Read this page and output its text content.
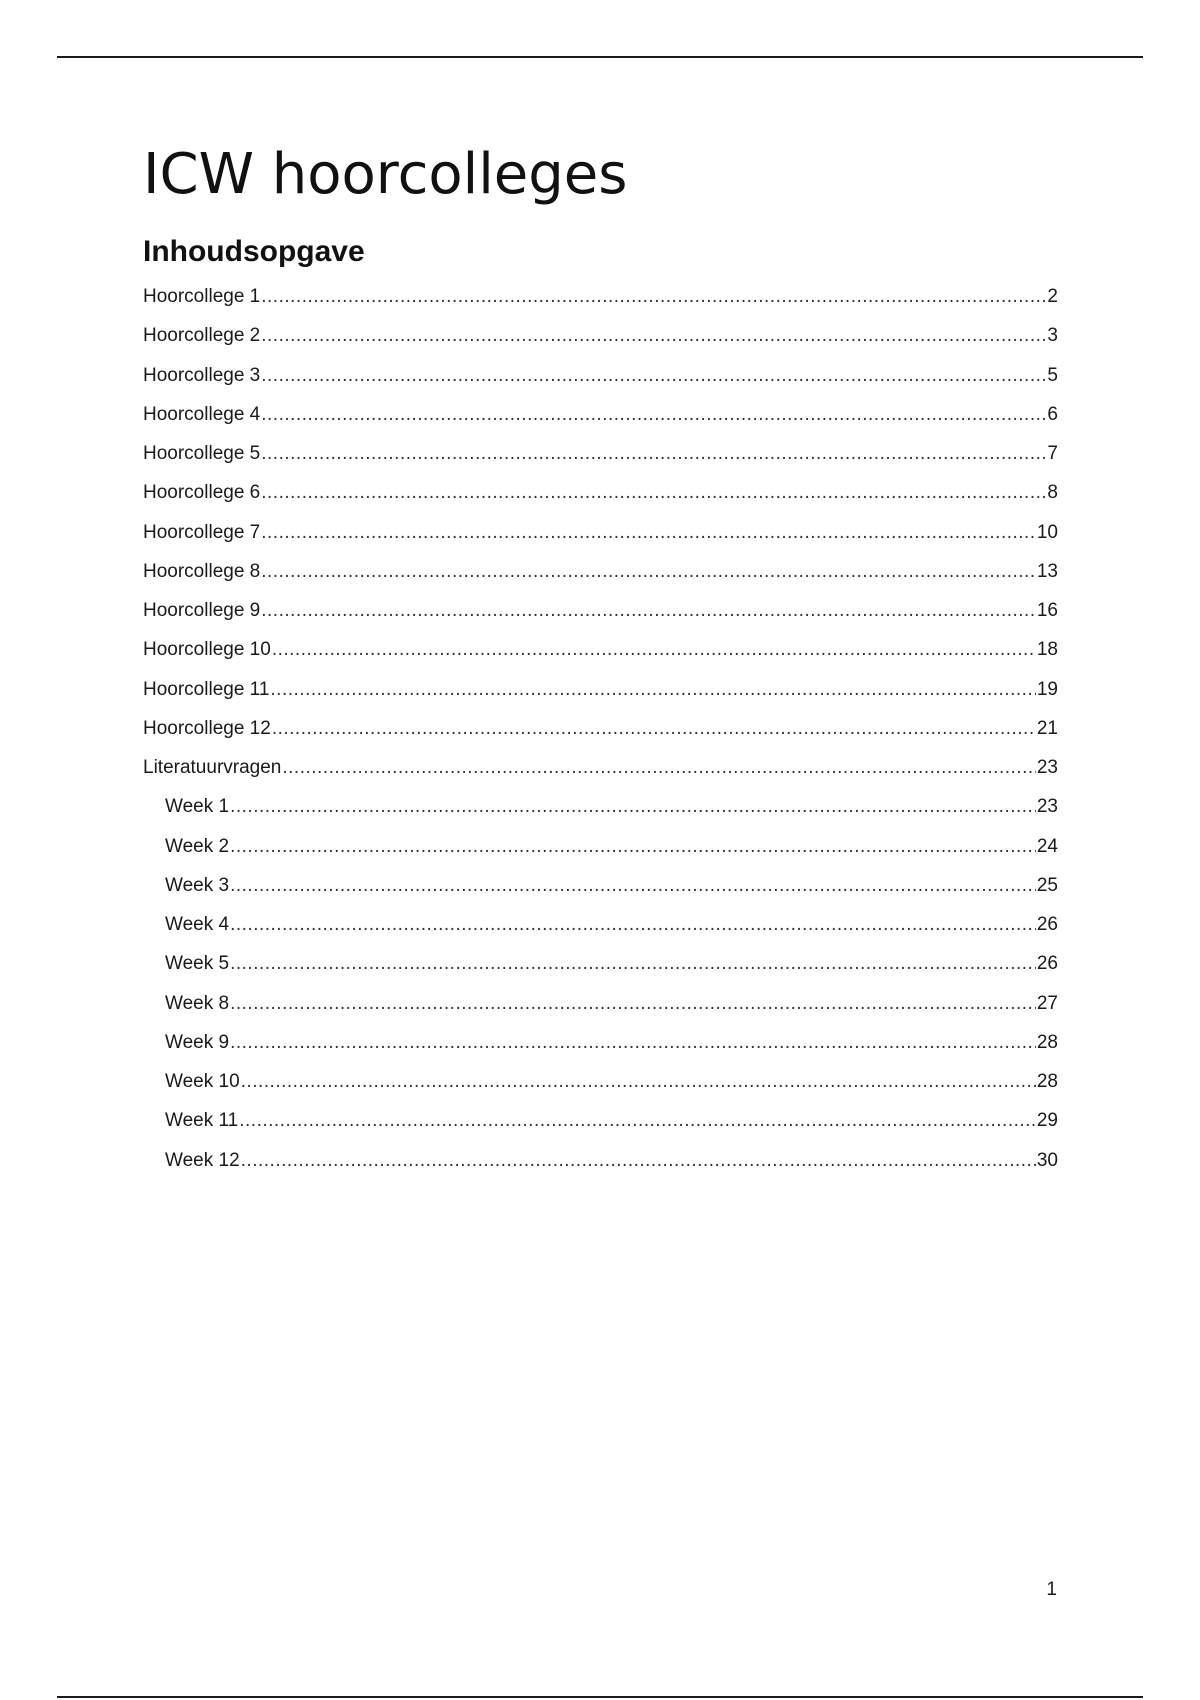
ICW hoorcolleges
Inhoudsopgave
Hoorcollege 1 .....	2
Hoorcollege 2 .....	3
Hoorcollege 3 .....	5
Hoorcollege 4 .....	6
Hoorcollege 5 .....	7
Hoorcollege 6 .....	8
Hoorcollege 7 .....	10
Hoorcollege 8 .....	13
Hoorcollege 9 .....	16
Hoorcollege 10 .....	18
Hoorcollege 11 .....	19
Hoorcollege 12 .....	21
Literatuurvragen .....	23
Week 1 .....	23
Week 2 .....	24
Week 3 .....	25
Week 4 .....	26
Week 5 .....	26
Week 8 .....	27
Week 9 .....	28
Week 10 .....	28
Week 11 .....	29
Week 12 .....	30
1
